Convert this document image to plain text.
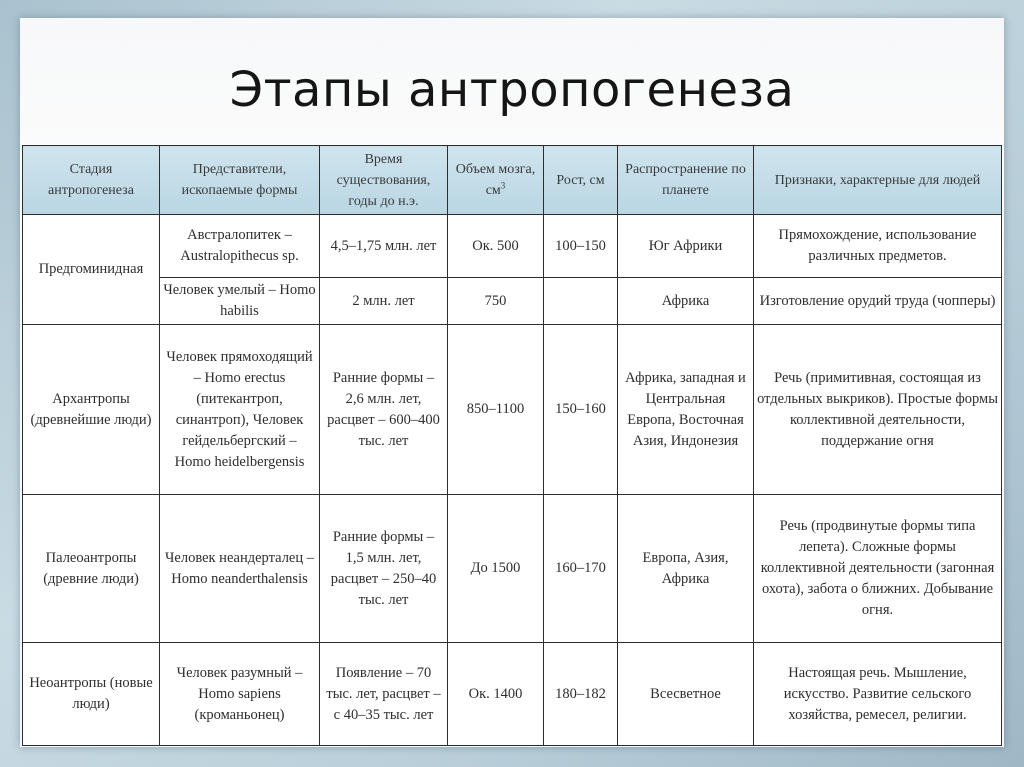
Этапы антропогенеза
Стадия антропогенеза	Представители, ископаемые формы	Время существования, годы до н.э.	Объем мозга, $см^3$	Рост, см	Распространение по планете	Признаки, характерные для людей
Предгоминидная	Австралопитек – Australopithecus sp.	4,5–1,75 млн. лет	Ок. 500	100–150	Юг Африки	Прямохождение, использование различных предметов.
	Человек умелый – Homo habilis	2 млн. лет	750		Африка	Изготовление орудий труда (чопперы)
Архантропы (древнейшие люди)	Человек прямоходящий – Homo erectus (питекантроп, синантроп), Человек гейдельбергский – Homo heidelbergensis	Ранние формы – 2,6 млн. лет, расцвет – 600–400 тыс. лет	850–1100	150–160	Африка, западная и Центральная Европа, Восточная Азия, Индонезия	Речь (примитивная, состоящая из отдельных выкриков). Простые формы коллективной деятельности, поддержание огня
Палеоантропы (древние люди)	Человек неандерталец – Homo neanderthalensis	Ранние формы – 1,5 млн. лет, расцвет – 250–40 тыс. лет	До 1500	160–170	Европа, Азия, Африка	Речь (продвинутые формы типа лепета). Сложные формы коллективной деятельности (загонная охота), забота о ближних. Добывание огня.
Неоантропы (новые люди)	Человек разумный – Homo sapiens (кроманьонец)	Появление – 70 тыс. лет, расцвет – с 40–35 тыс. лет	Ок. 1400	180–182	Всесветное	Настоящая речь. Мышление, искусство. Развитие сельского хозяйства, ремесел, религии.
